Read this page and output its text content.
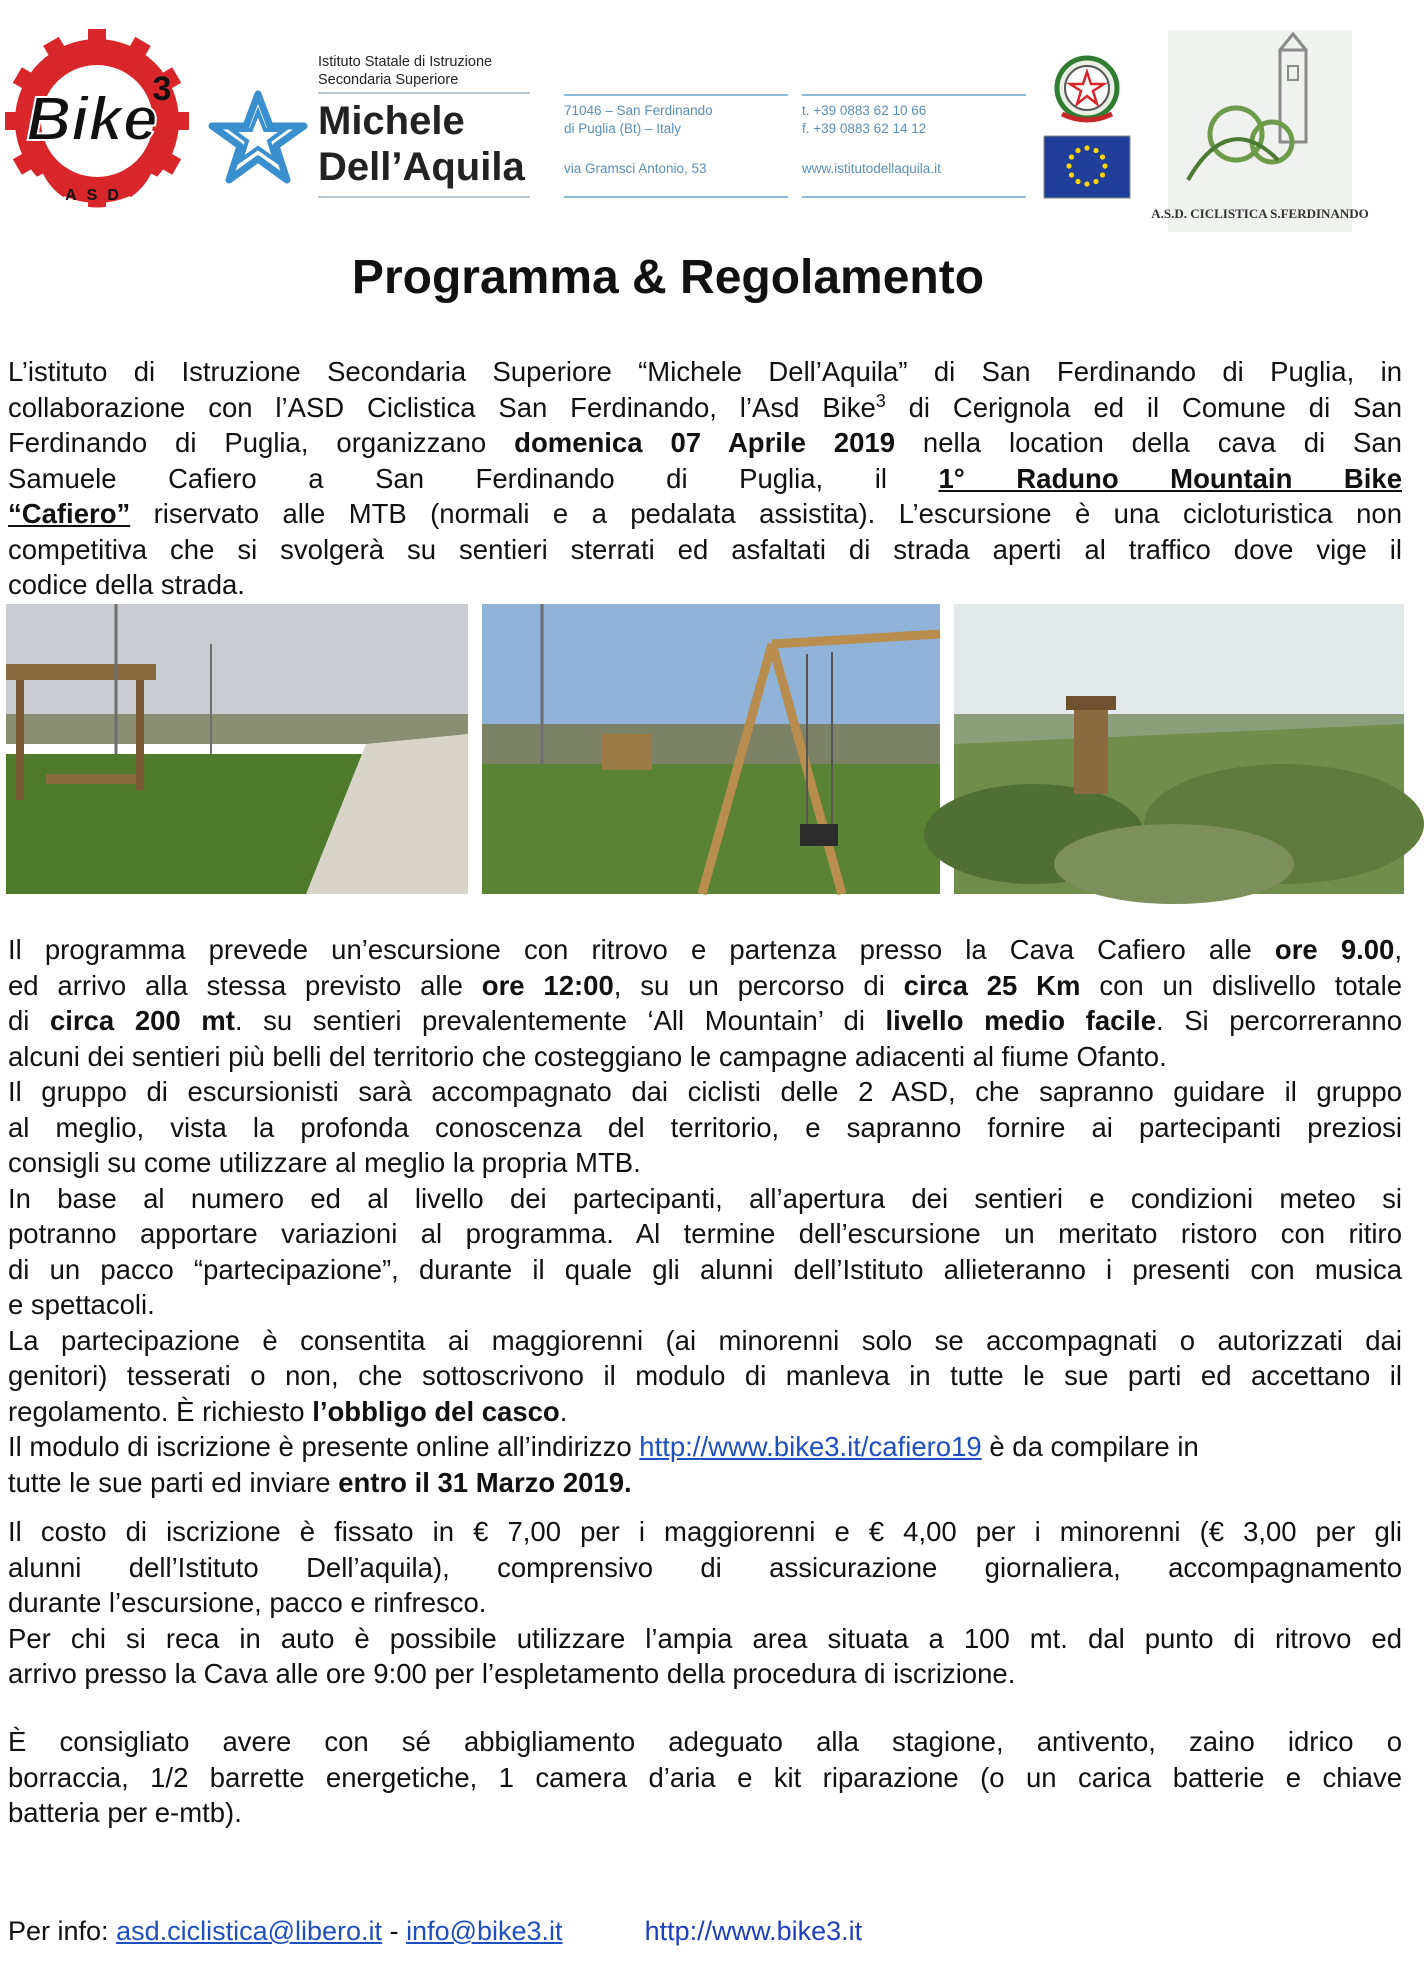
Bike
3
ASD
Istituto Statale di Istruzione
Secondaria Superiore
Michele
Dell’Aquila
71046 – San Ferdinando
di Puglia (Bt) – Italy
via Gramsci Antonio, 53
t. +39 0883 62 10 66
f. +39 0883 62 14 12
www.istitutodellaquila.it
A.S.D. CICLISTICA S.FERDINANDO
Programma & Regolamento
L’istituto di Istruzione Secondaria Superiore “Michele Dell’Aquila” di San Ferdinando di Puglia, in
collaborazione con l’ASD Ciclistica San Ferdinando, l’Asd Bike$^3$ di Cerignola ed il Comune di San
Ferdinando di Puglia, organizzano domenica 07 Aprile 2019 nella location della cava di San
Samuele Cafiero a San Ferdinando di Puglia, il 1° Raduno Mountain Bike
“Cafiero” riservato alle MTB (normali e a pedalata assistita). L’escursione è una cicloturistica non
competitiva che si svolgerà su sentieri sterrati ed asfaltati di strada aperti al traffico dove vige il
codice della strada.
Il programma prevede un’escursione con ritrovo e partenza presso la Cava Cafiero alle ore 9.00,
ed arrivo alla stessa previsto alle ore 12:00, su un percorso di circa 25 Km con un dislivello totale
di circa 200 mt. su sentieri prevalentemente ‘All Mountain’ di livello medio facile. Si percorreranno
alcuni dei sentieri più belli del territorio che costeggiano le campagne adiacenti al fiume Ofanto.
Il gruppo di escursionisti sarà accompagnato dai ciclisti delle 2 ASD, che sapranno guidare il gruppo
al meglio, vista la profonda conoscenza del territorio, e sapranno fornire ai partecipanti preziosi
consigli su come utilizzare al meglio la propria MTB.
In base al numero ed al livello dei partecipanti, all’apertura dei sentieri e condizioni meteo si
potranno apportare variazioni al programma. Al termine dell’escursione un meritato ristoro con ritiro
di un pacco “partecipazione”, durante il quale gli alunni dell’Istituto allieteranno i presenti con musica
e spettacoli.
La partecipazione è consentita ai maggiorenni (ai minorenni solo se accompagnati o autorizzati dai
genitori) tesserati o non, che sottoscrivono il modulo di manleva in tutte le sue parti ed accettano il
regolamento. È richiesto l’obbligo del casco.
Il modulo di iscrizione è presente online all’indirizzo http://www.bike3.it/cafiero19 è da compilare in
tutte le sue parti ed inviare entro il 31 Marzo 2019.
Il costo di iscrizione è fissato in € 7,00 per i maggiorenni e € 4,00 per i minorenni (€ 3,00 per gli
alunni dell’Istituto Dell’aquila), comprensivo di assicurazione giornaliera, accompagnamento
durante l’escursione, pacco e rinfresco.
Per chi si reca in auto è possibile utilizzare l’ampia area situata a 100 mt. dal punto di ritrovo ed
arrivo presso la Cava alle ore 9:00 per l’espletamento della procedura di iscrizione.
È consigliato avere con sé abbigliamento adeguato alla stagione, antivento, zaino idrico o
borraccia, 1/2 barrette energetiche, 1 camera d’aria e kit riparazione (o un carica batterie e chiave
batteria per e-mtb).
Per info: asd.ciclistica@libero.it - info@bike3.it	http://www.bike3.it
